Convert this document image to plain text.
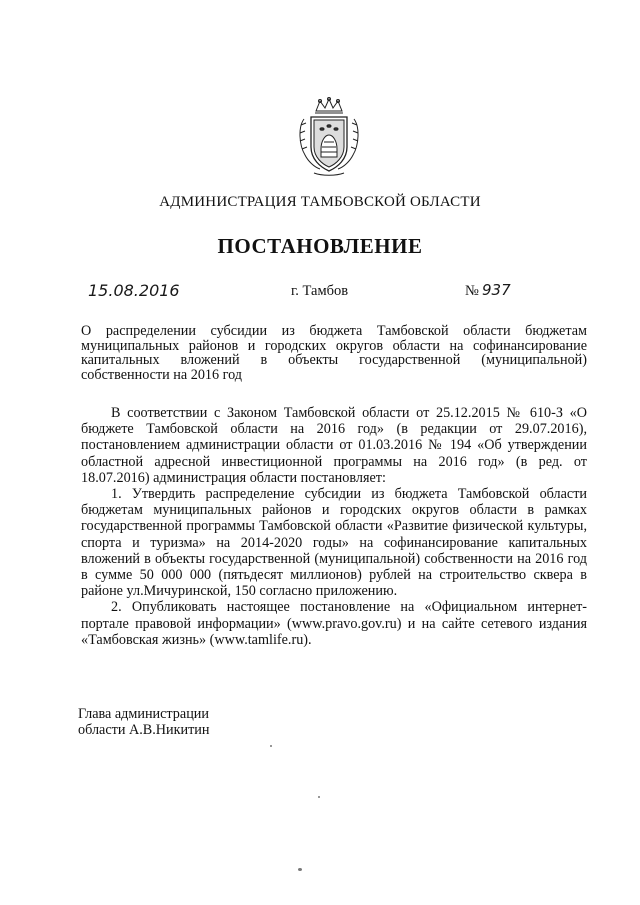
АДМИНИСТРАЦИЯ ТАМБОВСКОЙ ОБЛАСТИ
ПОСТАНОВЛЕНИЕ
15.08.2016	г. Тамбов	№ 937
О распределении субсидии из бюджета Тамбовской области бюджетам муниципальных районов и городских округов области на софинансирование капитальных вложений в объекты государственной (муниципальной) собственности на 2016 год

В соответствии с Законом Тамбовской области от 25.12.2015 № 610-З «О бюджете Тамбовской области на 2016 год» (в редакции от 29.07.2016), постановлением администрации области от 01.03.2016 № 194 «Об утверждении областной адресной инвестиционной программы на 2016 год» (в ред. от 18.07.2016) администрация области постановляет:

1. Утвердить распределение субсидии из бюджета Тамбовской области бюджетам муниципальных районов и городских округов области в рамках государственной программы Тамбовской области «Развитие физической культуры, спорта и туризма» на 2014-2020 годы» на софинансирование капитальных вложений в объекты государственной (муниципальной) собственности на 2016 год в сумме 50 000 000 (пятьдесят миллионов) рублей на строительство сквера в районе ул.Мичуринской, 150 согласно приложению.

2. Опубликовать настоящее постановление на «Официальном интернет-портале правовой информации» (www.pravo.gov.ru) и на сайте сетевого издания «Тамбовская жизнь» (www.tamlife.ru).

Глава администрации
области А.В.Никитин
